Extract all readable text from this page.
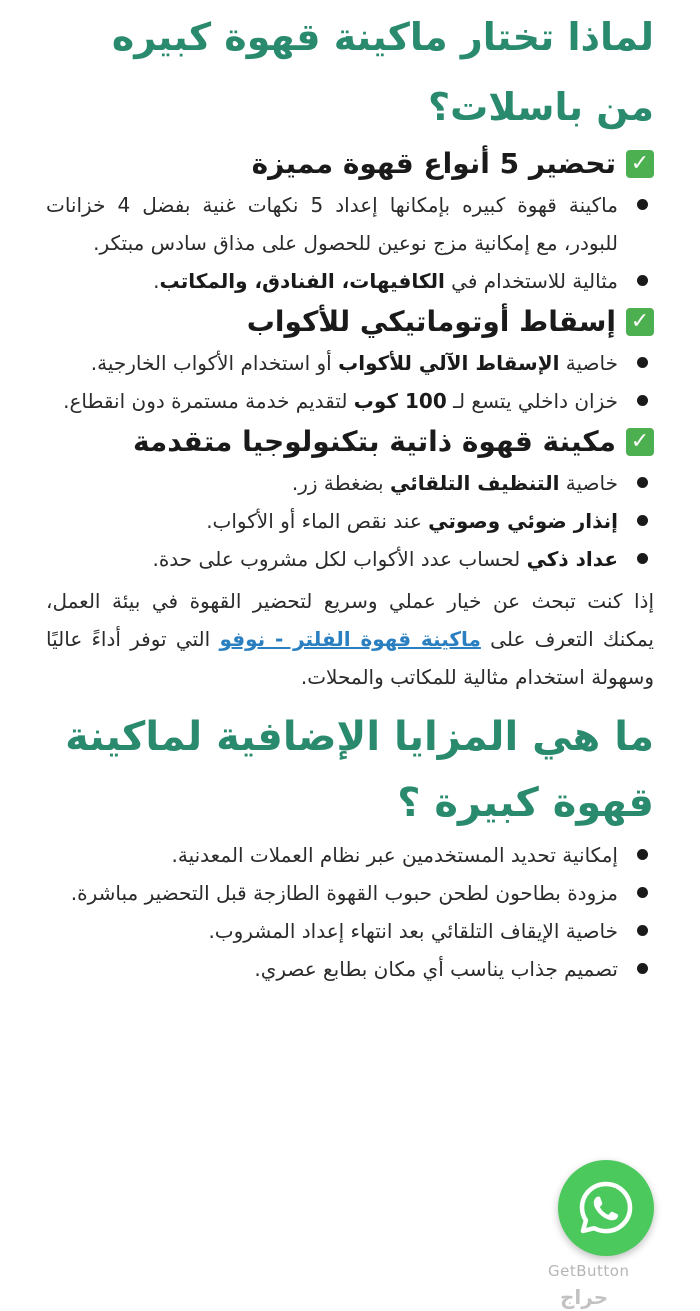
لماذا تختار ماكينة قهوة كبيره من باسلات؟
✓
تحضير 5 أنواع قهوة مميزة
ماكينة قهوة كبيره بإمكانها إعداد 5 نكهات غنية بفضل 4 خزانات للبودر، مع إمكانية مزج نوعين للحصول على مذاق سادس مبتكر.
مثالية للاستخدام في الكافيهات، الفنادق، والمكاتب.
✓
إسقاط أوتوماتيكي للأكواب
خاصية الإسقاط الآلي للأكواب أو استخدام الأكواب الخارجية.
خزان داخلي يتسع لـ 100 كوب لتقديم خدمة مستمرة دون انقطاع.
✓
مكينة قهوة ذاتية بتكنولوجيا متقدمة
خاصية التنظيف التلقائي بضغطة زر.
إنذار ضوئي وصوتي عند نقص الماء أو الأكواب.
عداد ذكي لحساب عدد الأكواب لكل مشروب على حدة.

إذا كنت تبحث عن خيار عملي وسريع لتحضير القهوة في بيئة العمل، يمكنك التعرف على ماكينة قهوة الفلتر - نوفو التي توفر أداءً عاليًا وسهولة استخدام مثالية للمكاتب والمحلات.

ما هي المزايا الإضافية لماكينة قهوة كبيرة ؟
إمكانية تحديد المستخدمين عبر نظام العملات المعدنية.
مزودة بطاحون لطحن حبوب القهوة الطازجة قبل التحضير مباشرة.
خاصية الإيقاف التلقائي بعد انتهاء إعداد المشروب.
تصميم جذاب يناسب أي مكان بطابع عصري.
GetButton
حراج
